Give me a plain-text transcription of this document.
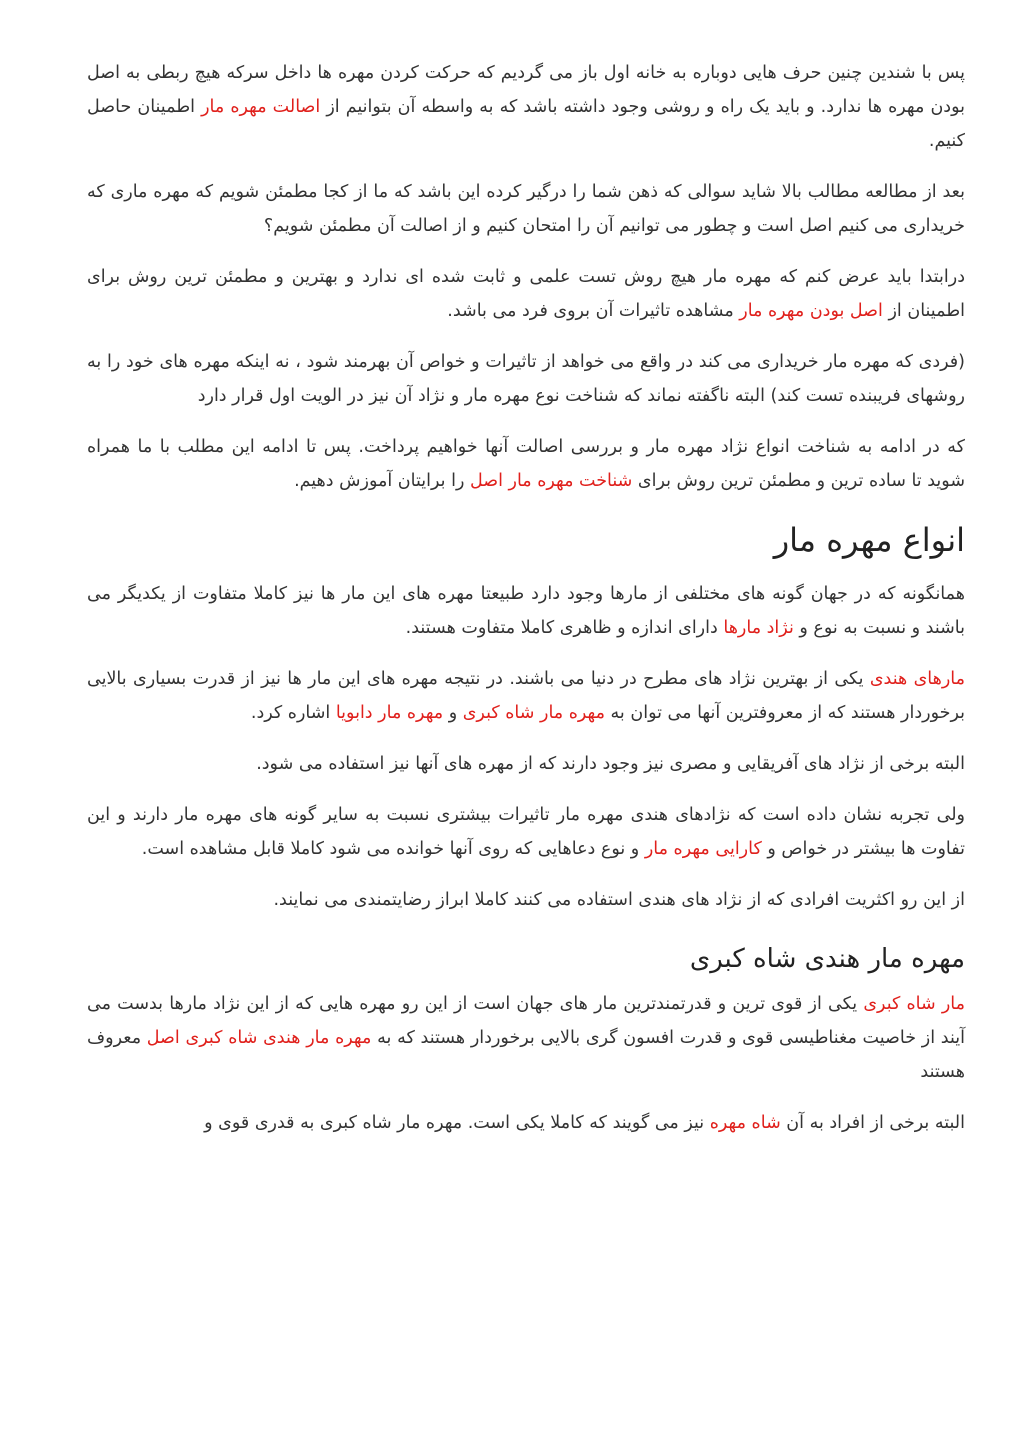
پس با شندین چنین حرف هایی دوباره به خانه اول باز می گردیم که حرکت کردن مهره ها داخل سرکه هیچ ربطی به اصل بودن مهره ها ندارد. و باید یک راه و روشی وجود داشته باشد که به واسطه آن بتوانیم از اصالت مهره مار اطمینان حاصل کنیم.

بعد از مطالعه مطالب بالا شاید سوالی که ذهن شما را درگیر کرده این باشد که ما از کجا مطمئن شویم که مهره ماری که خریداری می کنیم اصل است و چطور می توانیم آن را امتحان کنیم و از اصالت آن مطمئن شویم؟

درابتدا باید عرض کنم که مهره مار هیچ روش تست علمی و ثابت شده ای ندارد و بهترین و مطمئن ترین روش برای اطمینان از اصل بودن مهره مار مشاهده تاثیرات آن بروی فرد می باشد.

(فردی که مهره مار خریداری می کند در واقع می خواهد از تاثیرات و خواص آن بهرمند شود ، نه اینکه مهره های خود را به روشهای فریبنده تست کند) البته ناگفته نماند که شناخت نوع مهره مار و نژاد آن نیز در الویت اول قرار دارد

که در ادامه به شناخت انواع نژاد مهره مار و بررسی اصالت آنها خواهیم پرداخت. پس تا ادامه این مطلب با ما همراه شوید تا ساده ترین و مطمئن ترین روش برای شناخت مهره مار اصل را برایتان آموزش دهیم.

انواع مهره مار

همانگونه که در جهان گونه های مختلفی از مارها وجود دارد طبیعتا مهره های این مار ها نیز کاملا متفاوت از یکدیگر می باشند و نسبت به نوع و نژاد مارها دارای اندازه و ظاهری کاملا متفاوت هستند.

مارهای هندی یکی از بهترین نژاد های مطرح در دنیا می باشند. در نتیجه مهره های این مار ها نیز از قدرت بسیاری بالایی برخوردار هستند که از معروفترین آنها می توان به مهره مار شاه کبری و مهره مار دابویا اشاره کرد.

البته برخی از نژاد های آفریقایی و مصری نیز وجود دارند که از مهره های آنها نیز استفاده می شود.

ولی تجربه نشان داده است که نژادهای هندی مهره مار تاثیرات بیشتری نسبت به سایر گونه های مهره مار دارند و این تفاوت ها بیشتر در خواص و کارایی مهره مار و نوع دعاهایی که روی آنها خوانده می شود کاملا قابل مشاهده است.

از این رو اکثریت افرادی که از نژاد های هندی استفاده می کنند کاملا ابراز رضایتمندی می نمایند.

مهره مار هندی شاه کبری

مار شاه کبری یکی از قوی ترین و قدرتمندترین مار های جهان است از این رو مهره هایی که از این نژاد مارها بدست می آیند از خاصیت مغناطیسی قوی و قدرت افسون گری بالایی برخوردار هستند که به مهره مار هندی شاه کبری اصل معروف هستند

البته برخی از افراد به آن شاه مهره نیز می گویند که کاملا یکی است. مهره مار شاه کبری به قدری قوی و
